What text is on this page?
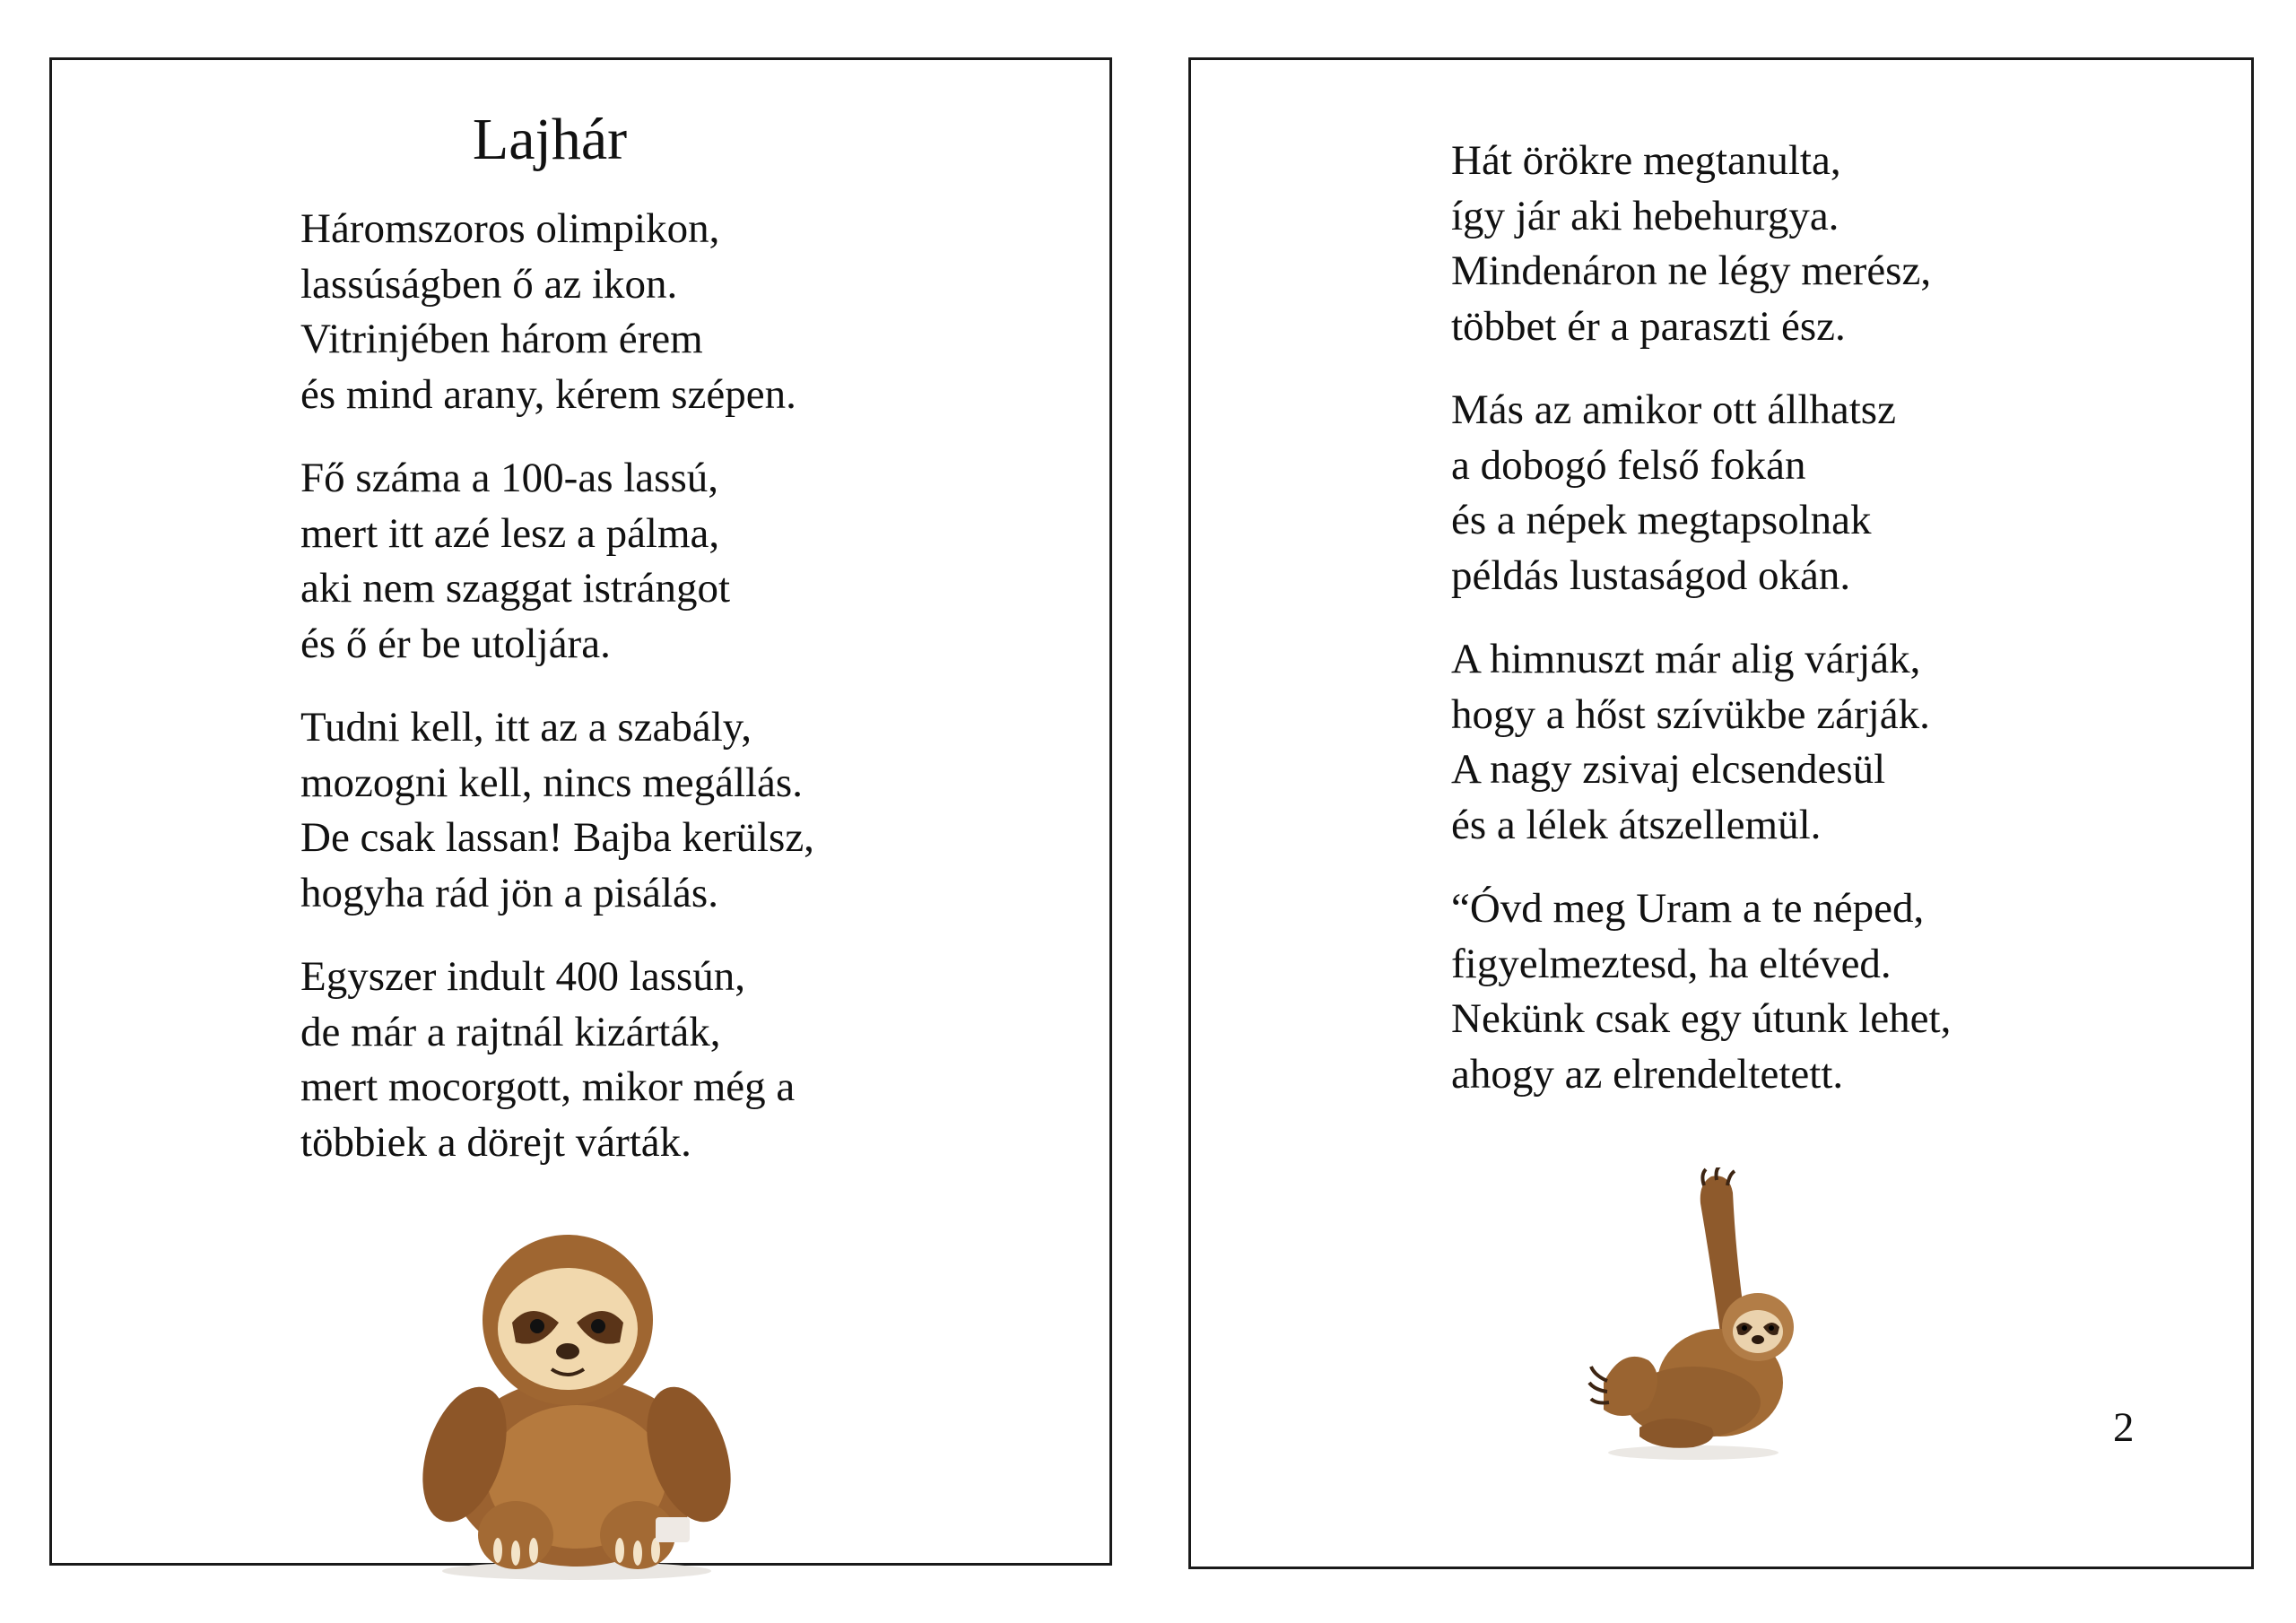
Lajhár
Háromszoros olimpikon,
lassúságben ő az ikon.
Vitrinjében három érem
és mind arany, kérem szépen.
Fő száma a 100-as lassú,
mert itt azé lesz a pálma,
aki nem szaggat istrángot
és ő ér be utoljára.
Tudni kell, itt az a szabály,
mozogni kell, nincs megállás.
De csak lassan! Bajba kerülsz,
hogyha rád jön a pisálás.
Egyszer indult 400 lassún,
de már a rajtnál kizárták,
mert mocorgott, mikor még a
többiek a dörejt várták.
Hát örökre megtanulta,
így jár aki hebehurgya.
Mindenáron ne légy merész,
többet ér a paraszti ész.
Más az amikor ott állhatsz
a dobogó felső fokán
és a népek megtapsolnak
példás lustaságod okán.
A himnuszt már alig várják,
hogy a hőst szívükbe zárják.
A nagy zsivaj elcsendesül
és a lélek átszellemül.
“Óvd meg Uram a te néped,
figyelmeztesd, ha eltéved.
Nekünk csak egy útunk lehet,
ahogy az elrendeltetett.
2
